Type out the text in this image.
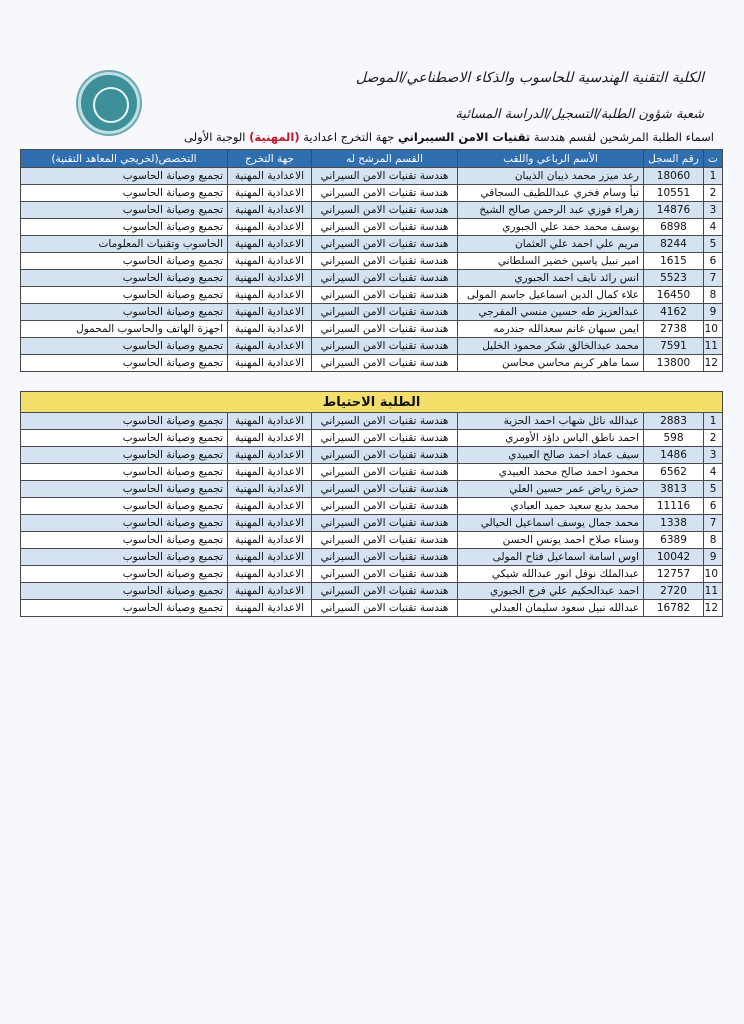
الكلية التقنية الهندسية للحاسوب والذكاء الاصطناعي/الموصل
شعبة شؤون الطلبة/التسجيل/الدراسة المسائية
اسماء الطلبة المرشحين لقسم هندسة تقنيات الامن السيبراني جهة التخرج اعدادية (المهنية) الوجبة الأولى
ت	رقم السجل	الأسم الرباعي واللقب	القسم المرشح له	جهة التخرج	التخصص(لخريجي المعاهد التقنية)
1	18060	رعد ميزر محمد ذيبان الذيبان	هندسة تقنيات الامن السيراني	الاعدادية المهنية	تجميع وصيانة الحاسوب
2	10551	نبأ وسام فخري عبداللطيف السجاقي	هندسة تقنيات الامن السيراني	الاعدادية المهنية	تجميع وصيانة الحاسوب
3	14876	زهراء فوزي عبد الرحمن صالح الشيخ	هندسة تقنيات الامن السيراني	الاعدادية المهنية	تجميع وصيانة الحاسوب
4	6898	يوسف محمد حمد علي الجبوري	هندسة تقنيات الامن السيراني	الاعدادية المهنية	تجميع وصيانة الحاسوب
5	8244	مريم علي احمد علي العثمان	هندسة تقنيات الامن السيراني	الاعدادية المهنية	الحاسوب وتقنيات المعلومات
6	1615	امير نبيل ياسين خضير السلطاني	هندسة تقنيات الامن السيراني	الاعدادية المهنية	تجميع وصيانة الحاسوب
7	5523	انس رائد نايف احمد الجبوري	هندسة تقنيات الامن السيراني	الاعدادية المهنية	تجميع وصيانة الحاسوب
8	16450	علاء كمال الدين اسماعيل جاسم المولى	هندسة تقنيات الامن السيراني	الاعدادية المهنية	تجميع وصيانة الحاسوب
9	4162	عبدالعزيز طه حسين منسي المفرجي	هندسة تقنيات الامن السيراني	الاعدادية المهنية	تجميع وصيانة الحاسوب
10	2738	ايمن سبهان غانم سعدالله جندرمه	هندسة تقنيات الامن السيراني	الاعدادية المهنية	اجهزة الهاتف والحاسوب المحمول
11	7591	محمد عبدالخالق شكر محمود الخليل	هندسة تقنيات الامن السيراني	الاعدادية المهنية	تجميع وصيانة الحاسوب
12	13800	سما ماهر كريم محاسن محاسن	هندسة تقنيات الامن السيراني	الاعدادية المهنية	تجميع وصيانة الحاسوب
الطلبة الاحتياط					
1	2883	عبدالله نائل شهاب احمد الحزبة	هندسة تقنيات الامن السيراني	الاعدادية المهنية	تجميع وصيانة الحاسوب
2	598	احمد ناطق الياس داؤد الأومري	هندسة تقنيات الامن السيراني	الاعدادية المهنية	تجميع وصيانة الحاسوب
3	1486	سيف عماد احمد صالح العبيدي	هندسة تقنيات الامن السيراني	الاعدادية المهنية	تجميع وصيانة الحاسوب
4	6562	محمود احمد صالح محمد العبيدي	هندسة تقنيات الامن السيراني	الاعدادية المهنية	تجميع وصيانة الحاسوب
5	3813	حمزة رياض عمر حسين العلي	هندسة تقنيات الامن السيراني	الاعدادية المهنية	تجميع وصيانة الحاسوب
6	11116	محمد بديع سعيد حميد العبادي	هندسة تقنيات الامن السيراني	الاعدادية المهنية	تجميع وصيانة الحاسوب
7	1338	محمد جمال يوسف اسماعيل الحيالي	هندسة تقنيات الامن السيراني	الاعدادية المهنية	تجميع وصيانة الحاسوب
8	6389	وسناء صلاح احمد يونس الحسن	هندسة تقنيات الامن السيراني	الاعدادية المهنية	تجميع وصيانة الحاسوب
9	10042	اوس اسامة اسماعيل فتاح المولى	هندسة تقنيات الامن السيراني	الاعدادية المهنية	تجميع وصيانة الحاسوب
10	12757	عبدالملك نوفل انور عبدالله شيكي	هندسة تقنيات الامن السيراني	الاعدادية المهنية	تجميع وصيانة الحاسوب
11	2720	احمد عبدالحكيم علي فرج الجبوري	هندسة تقنيات الامن السيراني	الاعدادية المهنية	تجميع وصيانة الحاسوب
12	16782	عبدالله نبيل سعود سليمان العبدلي	هندسة تقنيات الامن السيراني	الاعدادية المهنية	تجميع وصيانة الحاسوب
